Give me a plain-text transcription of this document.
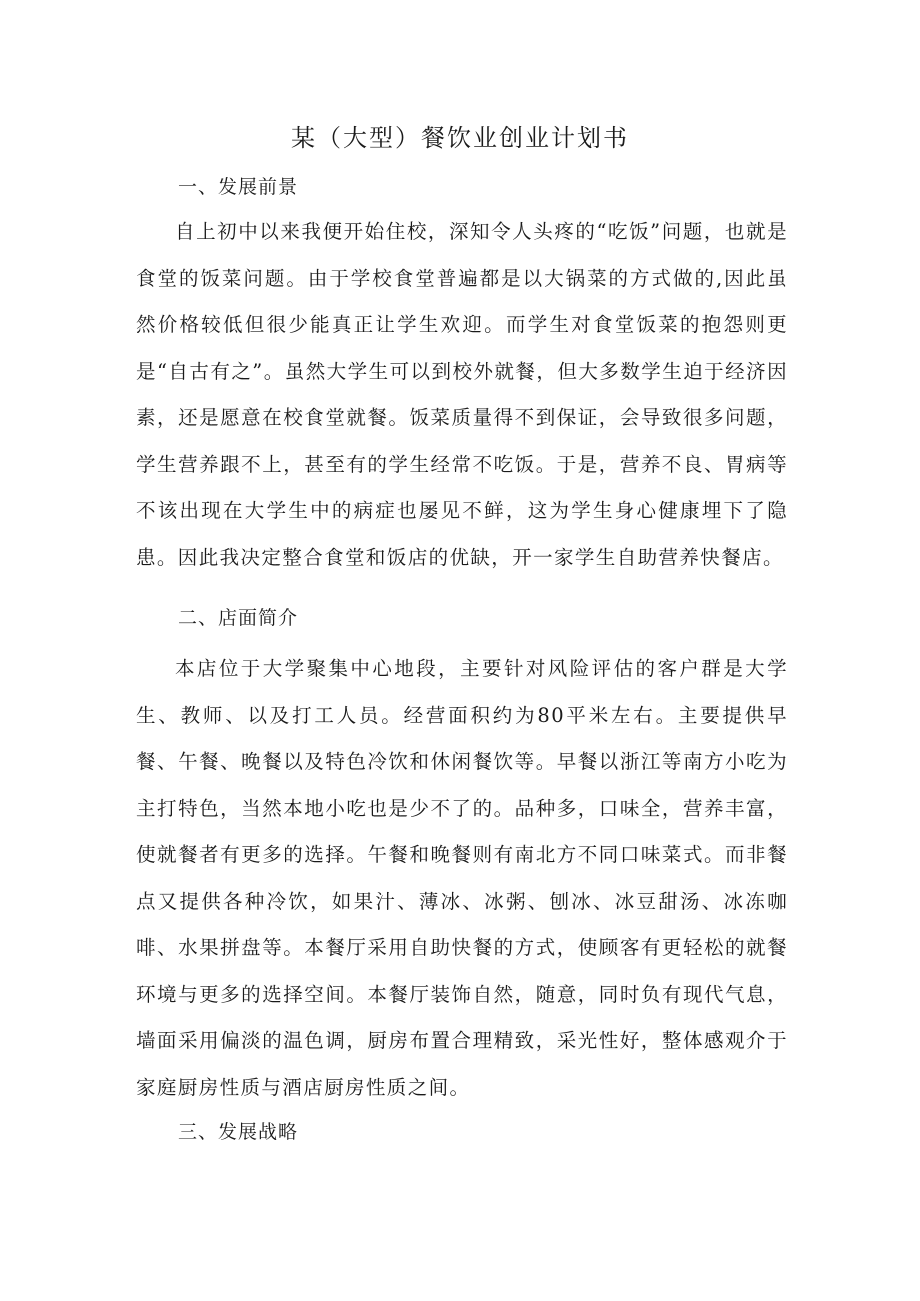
某（大型）餐饮业创业计划书
一、发展前景

自上初中以来我便开始住校，深知令人头疼的“吃饭”问题，也就是食堂的饭菜问题。由于学校食堂普遍都是以大锅菜的方式做的,因此虽然价格较低但很少能真正让学生欢迎。而学生对食堂饭菜的抱怨则更是“自古有之”。虽然大学生可以到校外就餐，但大多数学生迫于经济因素，还是愿意在校食堂就餐。饭菜质量得不到保证，会导致很多问题，学生营养跟不上，甚至有的学生经常不吃饭。于是，营养不良、胃病等不该出现在大学生中的病症也屡见不鲜，这为学生身心健康埋下了隐患。因此我决定整合食堂和饭店的优缺，开一家学生自助营养快餐店。

二、店面简介

本店位于大学聚集中心地段，主要针对风险评估的客户群是大学生、教师、以及打工人员。经营面积约为80平米左右。主要提供早餐、午餐、晚餐以及特色冷饮和休闲餐饮等。早餐以浙江等南方小吃为主打特色，当然本地小吃也是少不了的。品种多，口味全，营养丰富，使就餐者有更多的选择。午餐和晚餐则有南北方不同口味菜式。而非餐点又提供各种冷饮，如果汁、薄冰、冰粥、刨冰、冰豆甜汤、冰冻咖啡、水果拼盘等。本餐厅采用自助快餐的方式，使顾客有更轻松的就餐环境与更多的选择空间。本餐厅装饰自然，随意，同时负有现代气息，墙面采用偏淡的温色调，厨房布置合理精致，采光性好，整体感观介于家庭厨房性质与酒店厨房性质之间。

三、发展战略
